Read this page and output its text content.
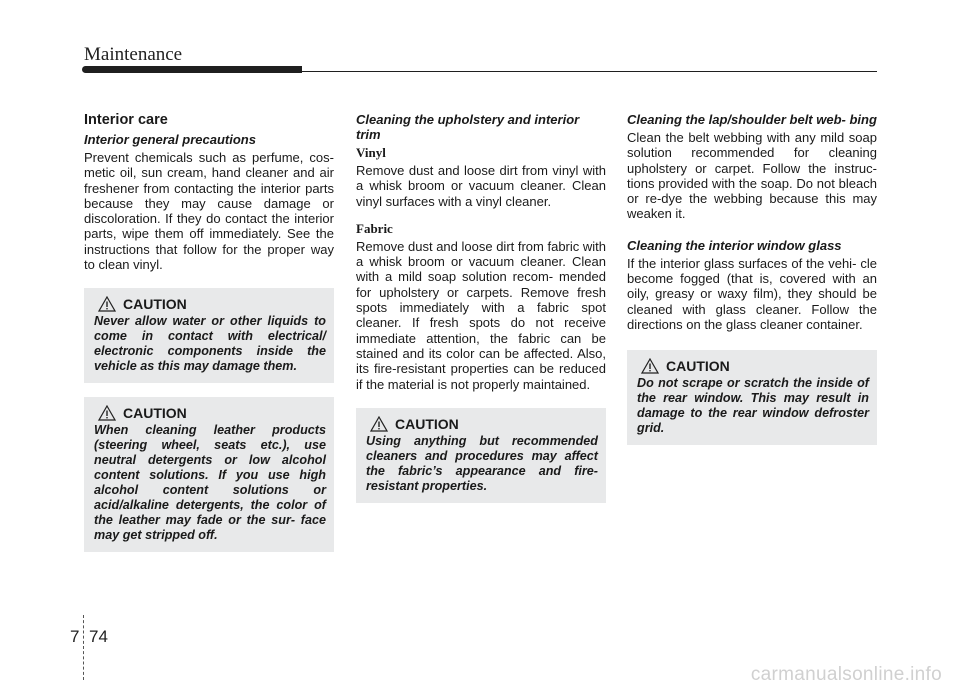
Maintenance
Interior care
Interior general precautions

Prevent chemicals such as perfume, cos- metic oil, sun cream, hand cleaner and air freshener from contacting the interior parts because they may cause damage or discoloration. If they do contact the interior parts, wipe them off immediately. See the instructions that follow for the proper way to clean vinyl.

CAUTION

Never allow water or other liquids to come in contact with electrical/ electronic components inside the vehicle as this may damage them.

CAUTION

When cleaning leather products (steering wheel, seats etc.), use neutral detergents or low alcohol content solutions. If you use high alcohol content solutions or acid/alkaline detergents, the color of the leather may fade or the sur- face may get stripped off.

Cleaning the upholstery and interior trim
Vinyl

Remove dust and loose dirt from vinyl with a whisk broom or vacuum cleaner. Clean vinyl surfaces with a vinyl cleaner.

Fabric

Remove dust and loose dirt from fabric with a whisk broom or vacuum cleaner. Clean with a mild soap solution recom- mended for upholstery or carpets. Remove fresh spots immediately with a fabric spot cleaner. If fresh spots do not receive immediate attention, the fabric can be stained and its color can be affected. Also, its fire-resistant properties can be reduced if the material is not properly maintained.

CAUTION

Using anything but recommended cleaners and procedures may affect the fabric’s appearance and fire- resistant properties.

Cleaning the lap/shoulder belt web- bing

Clean the belt webbing with any mild soap solution recommended for cleaning upholstery or carpet. Follow the instruc- tions provided with the soap. Do not bleach or re-dye the webbing because this may weaken it.

Cleaning the interior window glass

If the interior glass surfaces of the vehi- cle become fogged (that is, covered with an oily, greasy or waxy film), they should be cleaned with glass cleaner. Follow the directions on the glass cleaner container.

CAUTION

Do not scrape or scratch the inside of the rear window. This may result in damage to the rear window defroster grid.

7 74
carmanualsonline.info
